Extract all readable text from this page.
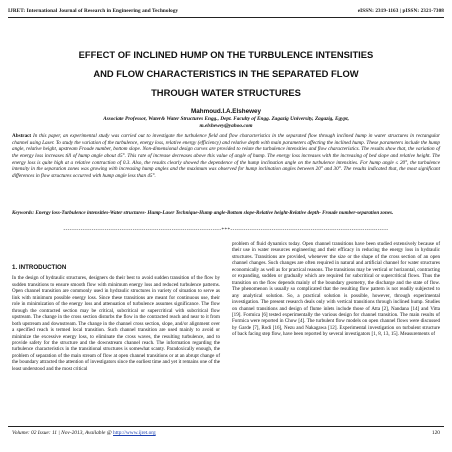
IJRET: International Journal of Research in Engineering and Technology	eISSN: 2319-1163 | pISSN: 2321-7308
EFFECT OF INCLINED HUMP ON THE TURBULENCE INTENSITIES
AND FLOW CHARACTERISTICS IN THE SEPARATED FLOW
THROUGH WATER STRUCTURES
Mahmoud.I.A.Elshewey
Associate Professor, Water& Water Structures Engg., Dept. Faculty of Engg. Zagazig University, Zagazig, Egypt,
m.elshewey@yahoo.com
Abstract In this paper, an experimental study was carried out to investigate the turbulence field and flow characteristics in the separated flow through inclined hump in water structures in rectangular channel using Laser. To study the variation of the turbulence, energy loss, relative energy (efficiency) and relative depth with main parameters affecting the inclined hump. These parameters include the hump angle, relative height, upstream Froude number, bottom slope. Non-dimensional design curves are provided to relate the turbulence intensities and flow characteristics. The results show that, the variation of the energy loss increases till of hump angle about 45°. This rate of increase decreases above this value of angle of hump. The energy loss increases with the increasing of bed slope and relative height. The energy loss is quite high at a relative contraction of 0.3. Also, the results clearly showed the dependence of the hump inclination angle on the turbulence intensities. For hump angle ≤ 20°, the turbulence intensity in the separation zones was growing with increasing hump angles and the maximum was observed for hump inclination angles between 20° and 30°. The results indicated that, the most significant differences in flow structures occurred with hump angle less than 45°.
Keywords: Energy loss-Turbulence intensities-Water structures- Hump-Laser Technique-Hump angle-Bottom slope-Relative height-Relative depth- Froude number-separation zones.
-------------------------------------------------------------------------***-------------------------------------------------------------------------
1. INTRODUCTION
In the design of hydraulic structures, designers do their best to avoid sudden transition of the flow by sudden transitions to ensure smooth flow with minimum energy loss and reduced turbulence patterns. Open channel transition are commonly used in hydraulic structures in variety of situation to serve as link with minimum possible energy loss. Since these transitions are meant for continuous use, their role in minimization of the energy loss and attenuation of turbulence assumes significance. The flow through the contracted section may be critical, subcritical or supercritical with subcritical flow upstream. The change in the cross section disturbs the flow in the contracted reach and near to it from both upstream and downstream. The change in the channel cross section, slope, and/or alignment over a specified reach is termed local transition. Such channel transition are used mainly to avoid or minimize the excessive energy loss, to eliminate the cross waves, the resulting turbulence, and to provide safety for the structure and the downstream channel reach. The information regarding the turbulence characteristics in the transitional structures is somewhat scanty. Paradoxically enough, the problem of separation of the main stream of flow at open channel transitions or at an abrupt change of the boundary attracted the attention of investigators since the earliest time and yet it remains one of the least understood and the most critical
problem of fluid dynamics today. Open channel transitions have been studied extensively because of their use in water resources engineering and their efficacy in reducing the energy loss in hydraulic structures. Transitions are provided, whenever the size or the shape of the cross section of an open channel changes. Such changes are often required in natural and artificial channel for water structures economically as well as for practical reasons. The transitions may be vertical or horizontal, contracting or expanding, sudden or gradually which are required for subcritical or supercritical flows. Thus the transition on the flow depends mainly of the boundary geometry, the discharge and the state of flow. The phenomenon is usually so complicated that the resulting flow pattern is not readily subjected to any analytical solution. So, a practical solution is possible, however, through experimental investigation. The present research deals only with vertical transitions through inclined hump. Studies on channel transitions and design of flume inlets include those of Atta [2], Nandana [14] and Vitta [19]. Formica [6] tested experimentally the various design for channel transition. The main results of Formica were reported in Chow [4]. The turbulent flow models on open channel flows were discussed by Garde [7], Rodi [16], Nezu and Nakagawa [12]. Experimental investigation on turbulent structure of back facing step flow, have been reported by several investigators [1, 8, 13, 15]. Measurements of
Volume: 02 Issue: 11 | Nov-2013, Available @ http://www.ijret.org	120
